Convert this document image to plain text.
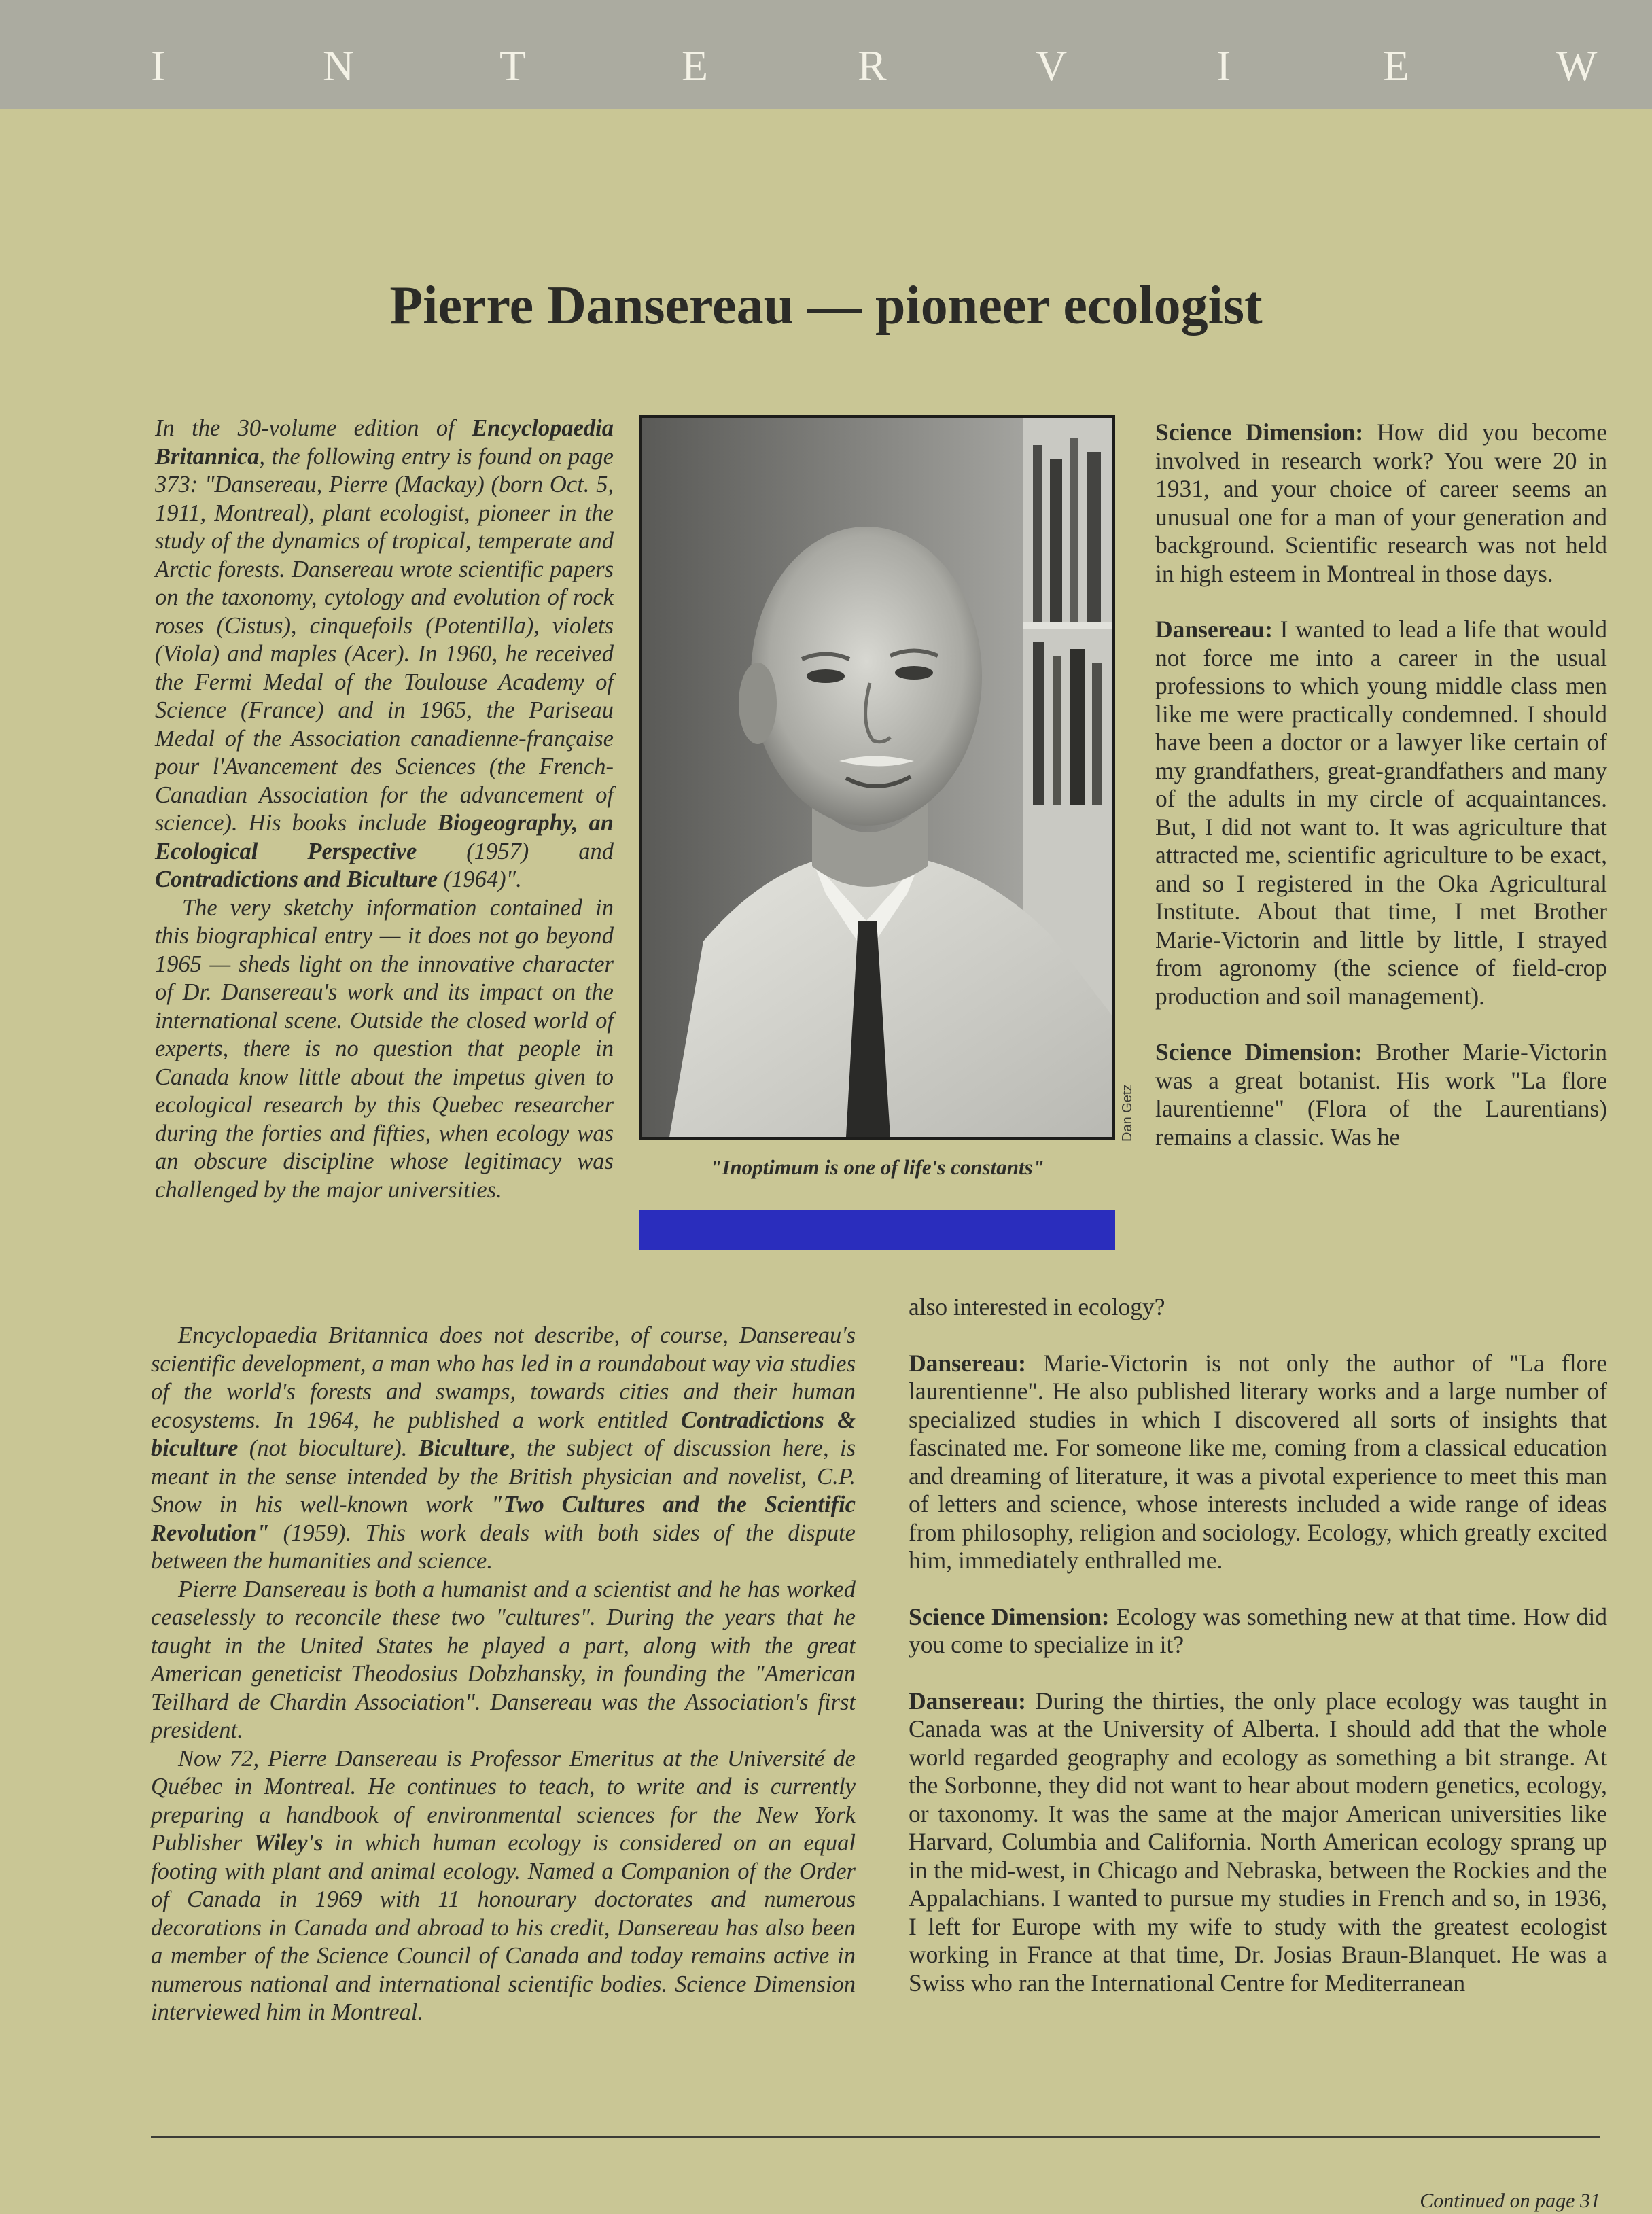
I	N	T	E	R	V	I	E	W
Pierre Dansereau — pioneer ecologist

In the 30-volume edition of Encyclopaedia Britannica, the following entry is found on page 373: "Dansereau, Pierre (Mackay) (born Oct. 5, 1911, Montreal), plant ecologist, pioneer in the study of the dynamics of tropical, temperate and Arctic forests. Dansereau wrote scientific papers on the taxonomy, cytology and evolution of rock roses (Cistus), cinquefoils (Potentilla), violets (Viola) and maples (Acer). In 1960, he received the Fermi Medal of the Toulouse Academy of Science (France) and in 1965, the Pariseau Medal of the Association canadienne-française pour l'Avancement des Sciences (the French-Canadian Association for the advancement of science). His books include Biogeography, an Ecological Perspective (1957) and Contradictions and Biculture (1964)".

The very sketchy information contained in this biographical entry — it does not go beyond 1965 — sheds light on the innovative character of Dr. Dansereau's work and its impact on the international scene. Outside the closed world of experts, there is no question that people in Canada know little about the impetus given to ecological research by this Quebec researcher during the forties and fifties, when ecology was an obscure discipline whose legitimacy was challenged by the major universities.

Encyclopaedia Britannica does not describe, of course, Dansereau's scientific development, a man who has led in a roundabout way via studies of the world's forests and swamps, towards cities and their human ecosystems. In 1964, he published a work entitled Contradictions & biculture (not bioculture). Biculture, the subject of discussion here, is meant in the sense intended by the British physician and novelist, C.P. Snow in his well-known work "Two Cultures and the Scientific Revolution" (1959). This work deals with both sides of the dispute between the humanities and science.

Pierre Dansereau is both a humanist and a scientist and he has worked ceaselessly to reconcile these two "cultures". During the years that he taught in the United States he played a part, along with the great American geneticist Theodosius Dobzhansky, in founding the "American Teilhard de Chardin Association". Dansereau was the Association's first president.

Now 72, Pierre Dansereau is Professor Emeritus at the Université de Québec in Montreal. He continues to teach, to write and is currently preparing a handbook of environmental sciences for the New York Publisher Wiley's in which human ecology is considered on an equal footing with plant and animal ecology. Named a Companion of the Order of Canada in 1969 with 11 honourary doctorates and numerous decorations in Canada and abroad to his credit, Dansereau has also been a member of the Science Council of Canada and today remains active in numerous national and international scientific bodies. Science Dimension interviewed him in Montreal.

Dan Getz
"Inoptimum is one of life's constants"

Science Dimension: How did you become involved in research work? You were 20 in 1931, and your choice of career seems an unusual one for a man of your generation and background. Scientific research was not held in high esteem in Montreal in those days.

Dansereau: I wanted to lead a life that would not force me into a career in the usual professions to which young middle class men like me were practically condemned. I should have been a doctor or a lawyer like certain of my grandfathers, great-grandfathers and many of the adults in my circle of acquaintances. But, I did not want to. It was agriculture that attracted me, scientific agriculture to be exact, and so I registered in the Oka Agricultural Institute. About that time, I met Brother Marie-Victorin and little by little, I strayed from agronomy (the science of field-crop production and soil management).

Science Dimension: Brother Marie-Victorin was a great botanist. His work "La flore laurentienne" (Flora of the Laurentians) remains a classic. Was he

also interested in ecology?

Dansereau: Marie-Victorin is not only the author of "La flore laurentienne". He also published literary works and a large number of specialized studies in which I discovered all sorts of insights that fascinated me. For someone like me, coming from a classical education and dreaming of literature, it was a pivotal experience to meet this man of letters and science, whose interests included a wide range of ideas from philosophy, religion and sociology. Ecology, which greatly excited him, immediately enthralled me.

Science Dimension: Ecology was something new at that time. How did you come to specialize in it?

Dansereau: During the thirties, the only place ecology was taught in Canada was at the University of Alberta. I should add that the whole world regarded geography and ecology as something a bit strange. At the Sorbonne, they did not want to hear about modern genetics, ecology, or taxonomy. It was the same at the major American universities like Harvard, Columbia and California. North American ecology sprang up in the mid-west, in Chicago and Nebraska, between the Rockies and the Appalachians. I wanted to pursue my studies in French and so, in 1936, I left for Europe with my wife to study with the greatest ecologist working in France at that time, Dr. Josias Braun-Blanquet. He was a Swiss who ran the International Centre for Mediterranean

Continued on page 31
